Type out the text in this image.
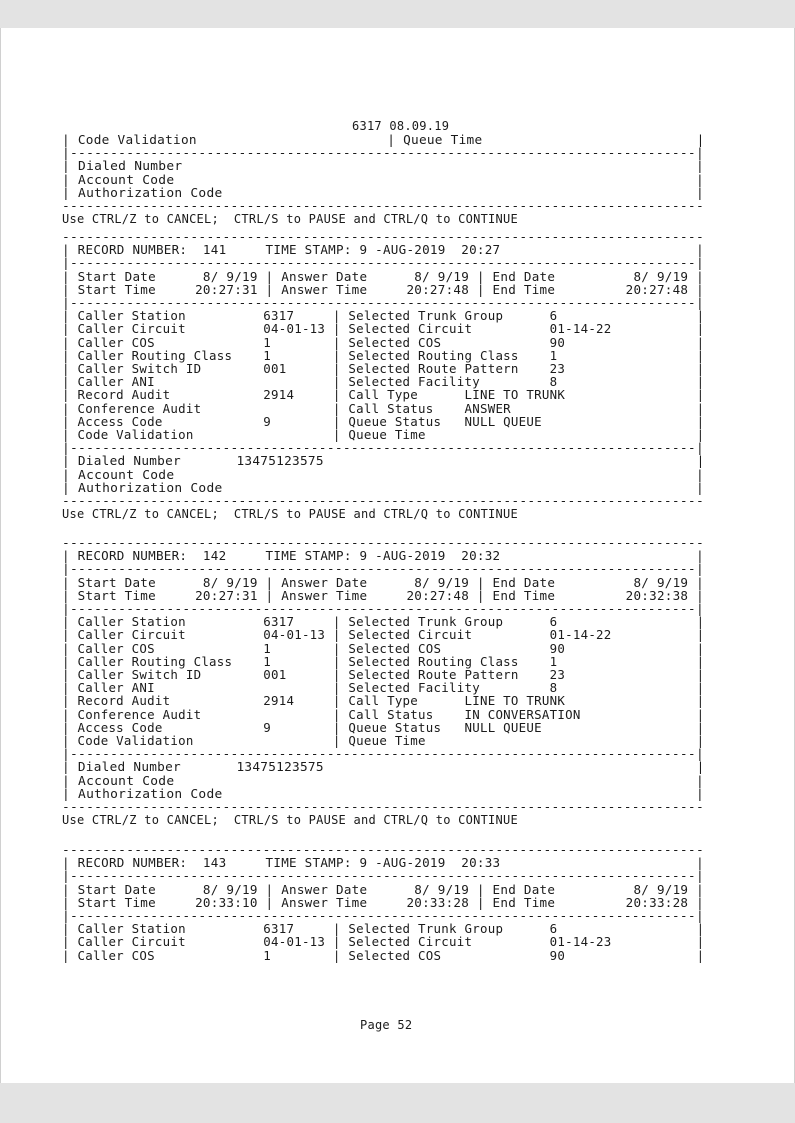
6317 08.09.19
| Code Validation                        | Queue Time                           |
|------------------------------------------------------------------------------|
| Dialed Number                                                                |
| Account Code                                                                 |
| Authorization Code                                                           |
--------------------------------------------------------------------------------
Use CTRL/Z to CANCEL;  CTRL/S to PAUSE and CTRL/Q to CONTINUE
--------------------------------------------------------------------------------
| RECORD NUMBER:  141     TIME STAMP: 9 -AUG-2019  20:27                         |
|------------------------------------------------------------------------------|
| Start Date      8/ 9/19 | Answer Date      8/ 9/19 | End Date          8/ 9/19 |
| Start Time     20:27:31 | Answer Time     20:27:48 | End Time         20:27:48 |
|------------------------------------------------------------------------------|
| Caller Station          6317     | Selected Trunk Group      6                  |
| Caller Circuit          04-01-13 | Selected Circuit          01-14-22           |
| Caller COS              1        | Selected COS              90                 |
| Caller Routing Class    1        | Selected Routing Class    1                  |
| Caller Switch ID        001      | Selected Route Pattern    23                 |
| Caller ANI                       | Selected Facility         8                  |
| Record Audit            2914     | Call Type      LINE TO TRUNK                 |
| Conference Audit                 | Call Status    ANSWER                        |
| Access Code             9        | Queue Status   NULL QUEUE                    |
| Code Validation                  | Queue Time                                   |
|------------------------------------------------------------------------------|
| Dialed Number       13475123575                                               |
| Account Code                                                                 |
| Authorization Code                                                           |
--------------------------------------------------------------------------------
Use CTRL/Z to CANCEL;  CTRL/S to PAUSE and CTRL/Q to CONTINUE
--------------------------------------------------------------------------------
| RECORD NUMBER:  142     TIME STAMP: 9 -AUG-2019  20:32                         |
|------------------------------------------------------------------------------|
| Start Date      8/ 9/19 | Answer Date      8/ 9/19 | End Date          8/ 9/19 |
| Start Time     20:27:31 | Answer Time     20:27:48 | End Time         20:32:38 |
|------------------------------------------------------------------------------|
| Caller Station          6317     | Selected Trunk Group      6                  |
| Caller Circuit          04-01-13 | Selected Circuit          01-14-22           |
| Caller COS              1        | Selected COS              90                 |
| Caller Routing Class    1        | Selected Routing Class    1                  |
| Caller Switch ID        001      | Selected Route Pattern    23                 |
| Caller ANI                       | Selected Facility         8                  |
| Record Audit            2914     | Call Type      LINE TO TRUNK                 |
| Conference Audit                 | Call Status    IN CONVERSATION               |
| Access Code             9        | Queue Status   NULL QUEUE                    |
| Code Validation                  | Queue Time                                   |
|------------------------------------------------------------------------------|
| Dialed Number       13475123575                                               |
| Account Code                                                                 |
| Authorization Code                                                           |
--------------------------------------------------------------------------------
Use CTRL/Z to CANCEL;  CTRL/S to PAUSE and CTRL/Q to CONTINUE
--------------------------------------------------------------------------------
| RECORD NUMBER:  143     TIME STAMP: 9 -AUG-2019  20:33                         |
|------------------------------------------------------------------------------|
| Start Date      8/ 9/19 | Answer Date      8/ 9/19 | End Date          8/ 9/19 |
| Start Time     20:33:10 | Answer Time     20:33:28 | End Time         20:33:28 |
|------------------------------------------------------------------------------|
| Caller Station          6317     | Selected Trunk Group      6                  |
| Caller Circuit          04-01-13 | Selected Circuit          01-14-23           |
| Caller COS              1        | Selected COS              90                 |
Page 52
